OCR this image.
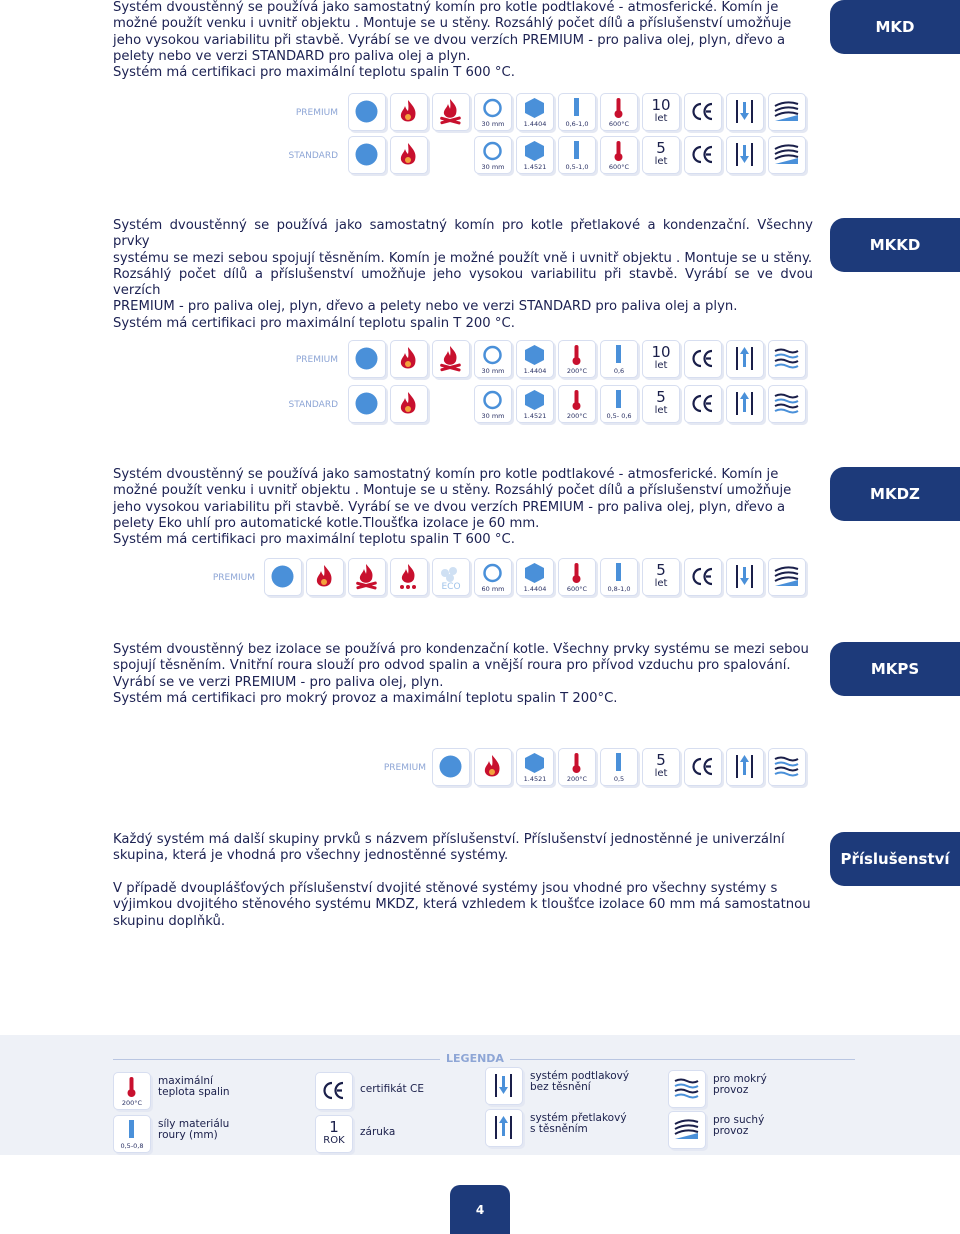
Systém dvoustěnný se používá jako samostatný komín pro kotle podtlakové - atmosferické. Komín je

možné použít venku i uvnitř objektu . Montuje se u stěny. Rozsáhlý počet dílů a příslušenství umožňuje

jeho vysokou variabilitu při stavbě. Vyrábí se ve dvou verzích PREMIUM - pro paliva olej, plyn, dřevo a

pelety nebo ve verzi STANDARD pro paliva olej a plyn.

Systém má certifikaci pro maximální teplotu spalin T 600 °C.

MKD
PREMIUM
30 mm	1.4404	0,6-1,0	600°C
10
let
STANDARD
30 mm	1.4521	0,5-1,0	600°C
5
let

Systém dvoustěnný se používá jako samostatný komín pro kotle přetlakové a kondenzační. Všechny prvky

systému se mezi sebou spojují těsněním. Komín je možné použít vně i uvnitř objektu . Montuje se u stěny.

Rozsáhlý počet dílů a příslušenství umožňuje jeho vysokou variabilitu při stavbě. Vyrábí se ve dvou verzích

PREMIUM - pro paliva olej, plyn, dřevo a pelety nebo ve verzi STANDARD pro paliva olej a plyn.

Systém má certifikaci pro maximální teplotu spalin T 200 °C.

MKKD
PREMIUM
30 mm	1.4404	200°C	0,6
10
let
STANDARD
30 mm	1.4521	200°C	0,5- 0,6
5
let

Systém dvoustěnný se používá jako samostatný komín pro kotle podtlakové - atmosferické. Komín je

možné použít venku i uvnitř objektu . Montuje se u stěny. Rozsáhlý počet dílů a příslušenství umožňuje

jeho vysokou variabilitu při stavbě. Vyrábí se ve dvou verzích PREMIUM - pro paliva olej, plyn, dřevo a

pelety Eko uhlí pro automatické kotle.Tloušťka izolace je 60 mm.

Systém má certifikaci pro maximální teplotu spalin T 600 °C.

MKDZ
PREMIUM
ECO	60 mm	1.4404	600°C	0,8-1,0
5
let

Systém dvoustěnný bez izolace se používá pro kondenzační kotle. Všechny prvky systému se mezi sebou

spojují těsněním. Vnitřní roura slouží pro odvod spalin a vnější roura pro přívod vzduchu pro spalování.

Vyrábí se ve verzi PREMIUM - pro paliva olej, plyn.

Systém má certifikaci pro mokrý provoz a maximální teplotu spalin T 200°C.

MKPS
PREMIUM
1.4521	200°C	0,5
5
let

Každý systém má další skupiny prvků s názvem příslušenství. Příslušenství jednostěnné je univerzální

skupina, která je vhodná pro všechny jednostěnné systémy.

V případě dvouplášťových příslušenství dvojité stěnové systémy jsou vhodné pro všechny systémy s

výjimkou dvojitého stěnového systému MKDZ, která vzhledem k tloušťce izolace 60 mm má samostatnou

skupinu doplňků.

Příslušenství
LEGENDA
200°C
maximální
teplota spalin
0,5-0,8
síly materiálu
roury (mm)
certifikát CE
1
ROK
záruka
systém podtlakový
bez těsnění
systém přetlakový
s těsněním
pro mokrý
provoz
pro suchý
provoz
4
